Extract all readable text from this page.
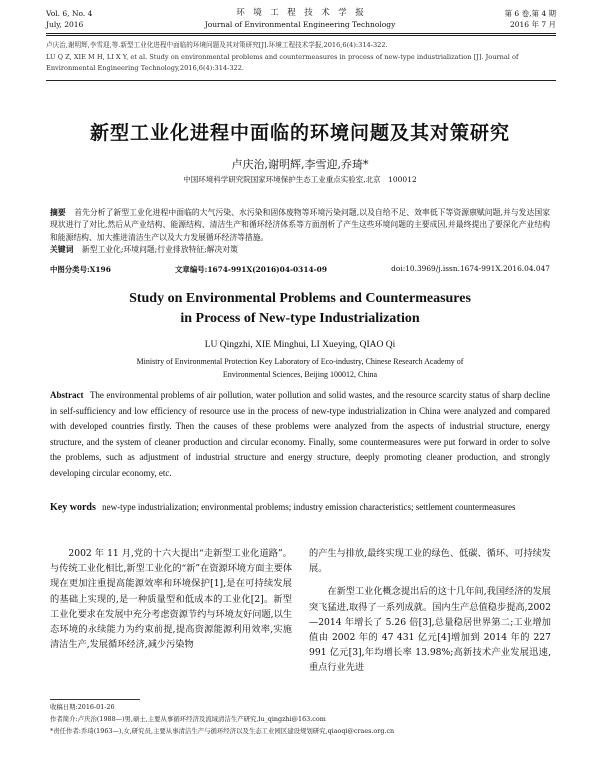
Vol. 6, No. 4
July, 2016
环　境　工　程　技　术　学　报
Journal of Environmental Engineering Technology
第 6 卷,第 4 期
2016 年 7 月
卢庆治,谢明辉,李雪迎,等.新型工业化进程中面临的环境问题及其对策研究[J].环境工程技术学报,2016,6(4):314-322.
LU Q Z, XIE M H, LI X Y, et al. Study on environmental problems and countermeasures in process of new-type industrialization [J]. Journal of
Environmental Engineering Technology,2016,6(4):314-322.
新型工业化进程中面临的环境问题及其对策研究
卢庆治,谢明辉,李雪迎,乔琦*
中国环境科学研究院国家环境保护生态工业重点实验室,北京　100012
摘要 首先分析了新型工业化进程中面临的大气污染、水污染和固体废物等环境污染问题,以及自给不足、效率低下等资源禀赋问题,并与发达国家现状进行了对比,然后从产业结构、能源结构、清洁生产和循环经济体系等方面剖析了产生这些环境问题的主要成因,并最终提出了要深化产业结构和能源结构、加大推进清洁生产以及大力发展循环经济等措施。
关键词 新型工业化;环境问题;行业排放特征;解决对策
中图分类号:X196	文章编号:1674-991X(2016)04-0314-09	doi:10.3969/j.issn.1674-991X.2016.04.047
Study on Environmental Problems and Countermeasures
in Process of New-type Industrialization
LU Qingzhi, XIE Minghui, LI Xueying, QIAO Qi
Ministry of Environmental Protection Key Laboratory of Eco-industry, Chinese Research Academy of
Environmental Sciences, Beijing 100012, China
Abstract The environmental problems of air pollution, water pollution and solid wastes, and the resource scarcity status of sharp decline in self-sufficiency and low efficiency of resource use in the process of new-type industrialization in China were analyzed and compared with developed countries firstly. Then the causes of these problems were analyzed from the aspects of industrial structure, energy structure, and the system of cleaner production and circular economy. Finally, some countermeasures were put forward in order to solve the problems, such as adjustment of industrial structure and energy structure, deeply promoting cleaner production, and strongly developing circular economy, etc.
Key words new-type industrialization; environmental problems; industry emission characteristics; settlement countermeasures
2002 年 11 月,党的十六大提出“走新型工业化道路”。与传统工业化相比,新型工业化的“新”在资源环境方面主要体现在更加注重提高能源效率和环境保护[1],是在可持续发展的基础上实现的,是一种质量型和低成本的工业化[2]。新型工业化要求在发展中充分考虑资源节约与环境友好问题,以生态环境的永续能力为约束前提,提高资源能源利用效率,实施清洁生产,发展循环经济,减少污染物
的产生与排放,最终实现工业的绿色、低碳、循环、可持续发展。
在新型工业化概念提出后的这十几年间,我国经济的发展突飞猛进,取得了一系列成就。国内生产总值稳步提高,2002—2014 年增长了 5.26 倍[3],总量稳居世界第二;工业增加值由 2002 年的 47 431 亿元[4]增加到 2014 年的 227 991 亿元[3],年均增长率 13.98%;高新技术产业发展迅速,重点行业先进
收稿日期:2016-01-26
作者简介:卢庆治(1988—)男,硕士,主要从事循环经济及流域清洁生产研究,lu_qingzhi@163.com
*责任作者:乔琦(1963—),女,研究员,主要从事清洁生产与循环经济以及生态工业园区建设规划研究,qiaoqi@craes.org.cn
